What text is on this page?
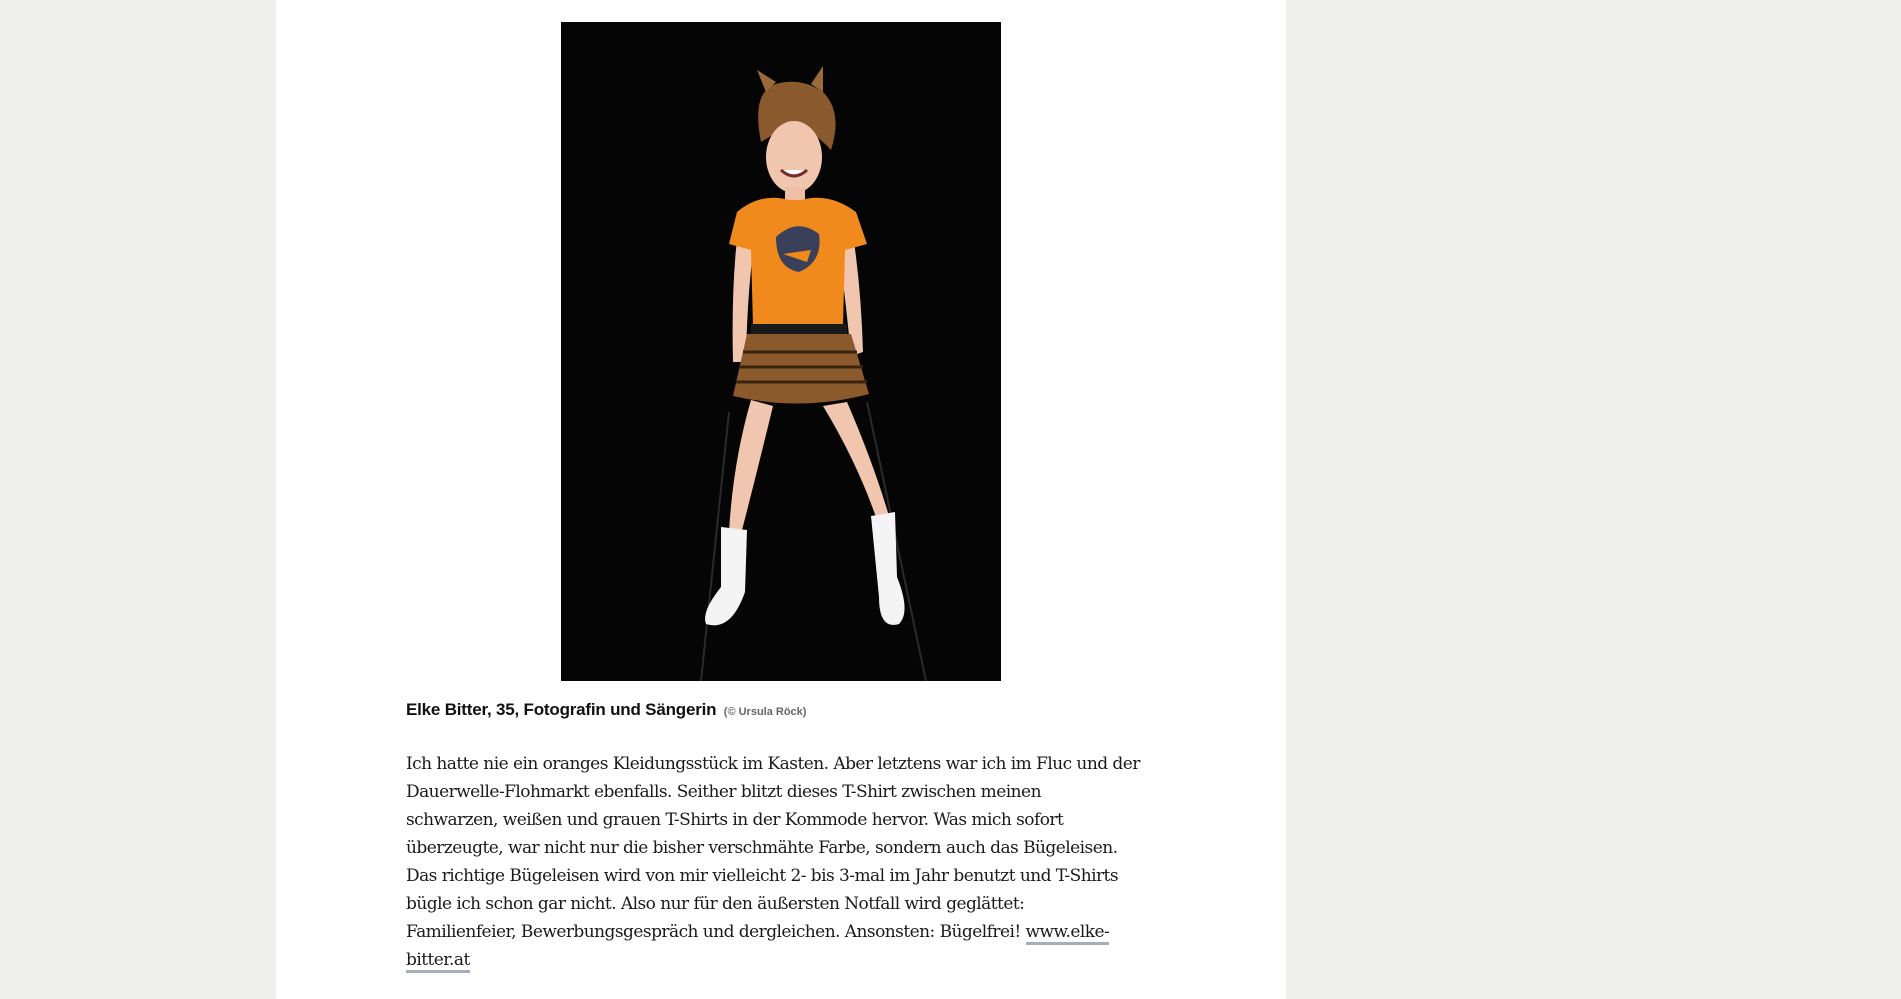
Elke Bitter, 35, Fotografin und Sängerin (© Ursula Röck)
Ich hatte nie ein oranges Kleidungsstück im Kasten. Aber letztens war ich im Fluc und der
Dauerwelle-Flohmarkt ebenfalls. Seither blitzt dieses T-Shirt zwischen meinen
schwarzen, weißen und grauen T-Shirts in der Kommode hervor. Was mich sofort
überzeugte, war nicht nur die bisher verschmähte Farbe, sondern auch das Bügeleisen.
Das richtige Bügeleisen wird von mir vielleicht 2- bis 3-mal im Jahr benutzt und T-Shirts
bügle ich schon gar nicht. Also nur für den äußersten Notfall wird geglättet:
Familienfeier, Bewerbungsgespräch und dergleichen. Ansonsten: Bügelfrei! www.elke-
bitter.at
